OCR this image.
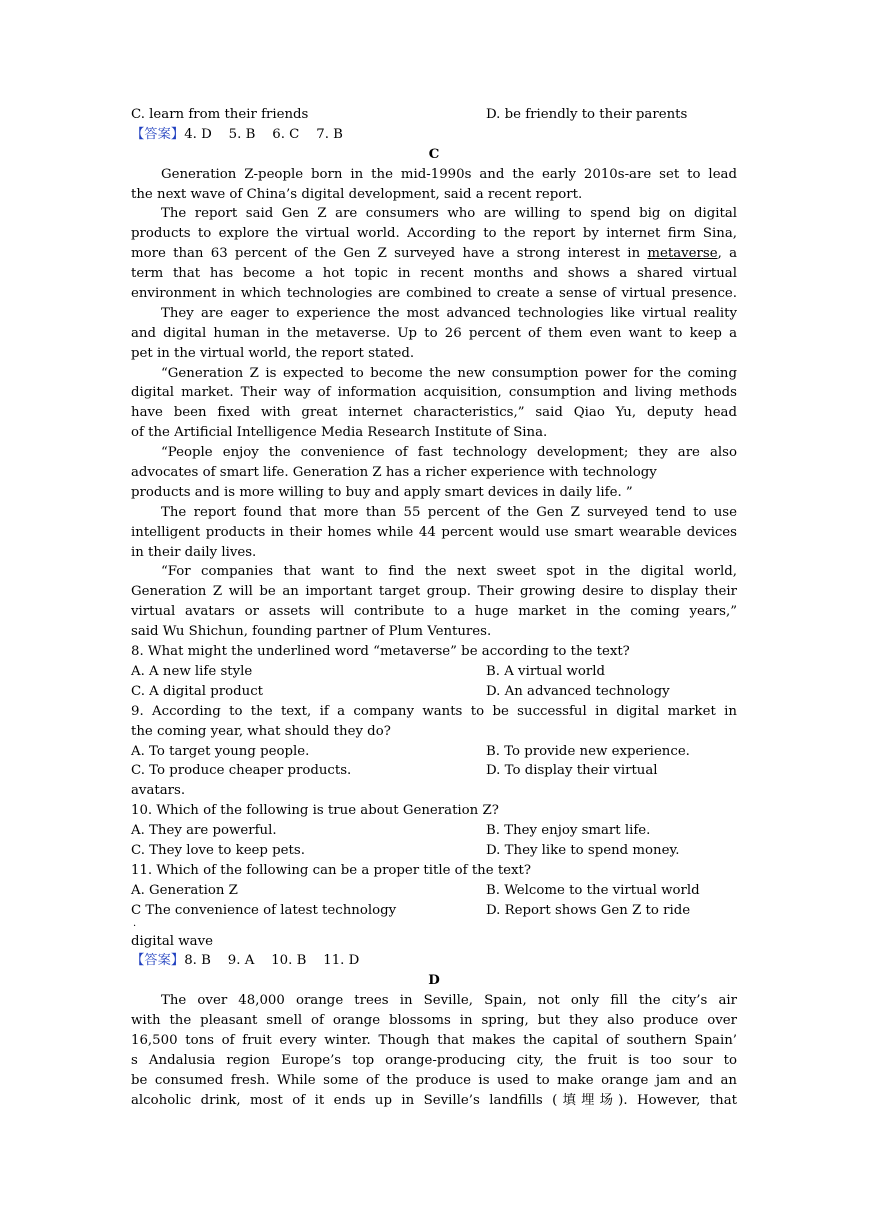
C. learn from their friends	D. be friendly to their parents
【答案】4. D    5. B    6. C    7. B
C
Generation Z-people born in the mid-1990s and the early 2010s-are set to lead
the next wave of China’s digital development, said a recent report.
The report said Gen Z are consumers who are willing to spend big on digital
products to explore the virtual world. According to the report by internet firm Sina,
more than 63 percent of the Gen Z surveyed have a strong interest in metaverse, a
term that has become a hot topic in recent months and shows a shared virtual
environment in which technologies are combined to create a sense of virtual presence.
They are eager to experience the most advanced technologies like virtual reality
and digital human in the metaverse. Up to 26 percent of them even want to keep a
pet in the virtual world, the report stated.
“Generation Z is expected to become the new consumption power for the coming
digital market. Their way of information acquisition, consumption and living methods
have been fixed with great internet characteristics,” said Qiao Yu, deputy head
of the Artificial Intelligence Media Research Institute of Sina.
“People enjoy the convenience of fast technology development; they are also
advocates of smart life. Generation Z has a richer experience with technology
products and is more willing to buy and apply smart devices in daily life. ”
The report found that more than 55 percent of the Gen Z surveyed tend to use
intelligent products in their homes while 44 percent would use smart wearable devices
in their daily lives.
“For companies that want to find the next sweet spot in the digital world,
Generation Z will be an important target group. Their growing desire to display their
virtual avatars or assets will contribute to a huge market in the coming years,”
said Wu Shichun, founding partner of Plum Ventures.
8. What might the underlined word “metaverse” be according to the text?
A. A new life style	B. A virtual world
C. A digital product	D. An advanced technology
9. According to the text, if a company wants to be successful in digital market in
the coming year, what should they do?
A. To target young people.	B. To provide new experience.
C. To produce cheaper products.	D. To display their virtual
avatars.
10. Which of the following is true about Generation Z?
A. They are powerful.	B. They enjoy smart life.
C. They love to keep pets.	D. They like to spend money.
11. Which of the following can be a proper title of the text?
A. Generation Z	B. Welcome to the virtual world
C The convenience of latest technology	D. Report shows Gen Z to ride
·
digital wave
【答案】8. B    9. A    10. B    11. D
D
The over 48,000 orange trees in Seville, Spain, not only fill the city’s air
with the pleasant smell of orange blossoms in spring, but they also produce over
16,500 tons of fruit every winter. Though that makes the capital of southern Spain’
s Andalusia region Europe’s top orange-producing city, the fruit is too sour to
be consumed fresh. While some of the produce is used to make orange jam and an
alcoholic drink, most of it ends up in Seville’s landfills (填埋场). However, that
